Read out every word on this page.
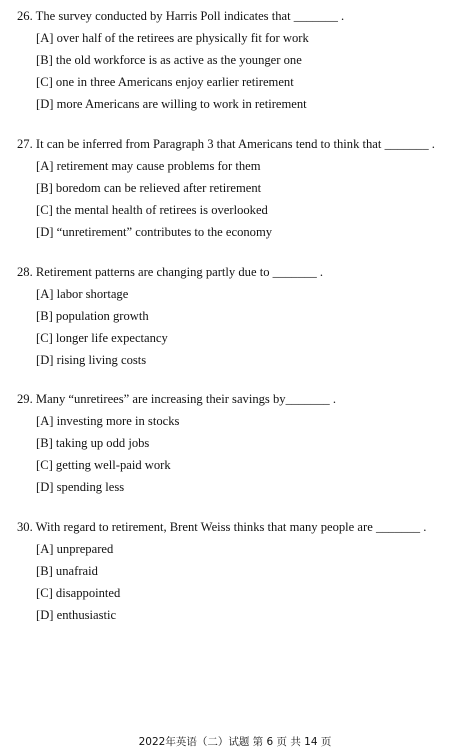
26. The survey conducted by Harris Poll indicates that _______ .
[A] over half of the retirees are physically fit for work
[B] the old workforce is as active as the younger one
[C] one in three Americans enjoy earlier retirement
[D] more Americans are willing to work in retirement
27. It can be inferred from Paragraph 3 that Americans tend to think that _______ .
[A] retirement may cause problems for them
[B] boredom can be relieved after retirement
[C] the mental health of retirees is overlooked
[D] “unretirement” contributes to the economy
28. Retirement patterns are changing partly due to _______ .
[A] labor shortage
[B] population growth
[C] longer life expectancy
[D] rising living costs
29. Many “unretirees” are increasing their savings by_______ .
[A] investing more in stocks
[B] taking up odd jobs
[C] getting well-paid work
[D] spending less
30. With regard to retirement, Brent Weiss thinks that many people are _______ .
[A] unprepared
[B] unafraid
[C] disappointed
[D] enthusiastic
2022年英语（二）试题 第 6 页 共 14 页
